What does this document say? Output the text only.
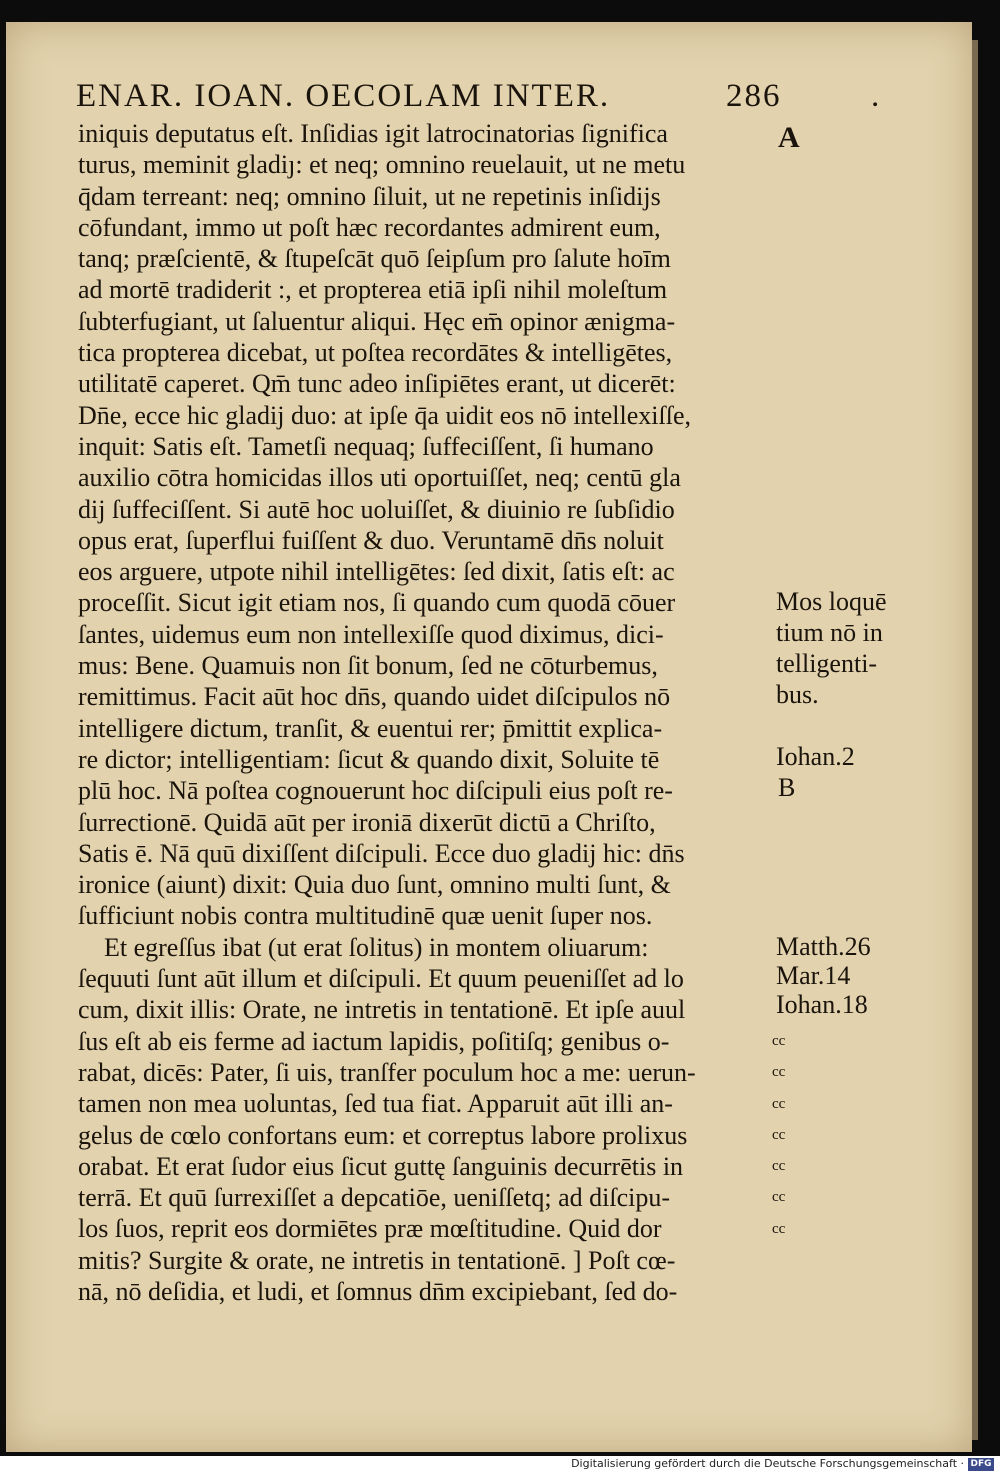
ENAR. IOAN. OECOLAM INTER.	286	.
iniquis deputatus eſt. Inſidias igit latrocinatorias ſignifica
turus, meminit gladiȷ: et neq; omnino reuelauit, ut ne metu
q̄dam terreant: neq; omnino ſiluit, ut ne repetinis inſidijs
cōfundant, immo ut poſt hæc recordantes admirent eum,
tanq; præſcientē, & ſtupeſcāt quō ſeipſum pro ſalute hoīm
ad mortē tradiderit :, et propterea etiā ipſi nihil moleſtum
ſubterfugiant, ut ſaluentur aliqui. Hęc em̄ opinor ænigma-
tica propterea dicebat, ut poſtea recordātes & intelligētes,
utilitatē caperet. Qm̄ tunc adeo inſipiētes erant, ut dicerēt:
Dn̄e, ecce hic gladij duo: at ipſe q̄a uidit eos nō intellexiſſe,
inquit: Satis eſt. Tametſi nequaq; ſuffeciſſent, ſi humano
auxilio cōtra homicidas illos uti oportuiſſet, neq; centū gla
dij ſuffeciſſent. Si autē hoc uoluiſſet, & diuinio re ſubſidio
opus erat, ſuperflui fuiſſent & duo. Veruntamē dn̄s noluit
eos arguere, utpote nihil intelligētes: ſed dixit, ſatis eſt: ac
proceſſit. Sicut igit etiam nos, ſi quando cum quodā cōuer
ſantes, uidemus eum non intellexiſſe quod diximus, dici-
mus: Bene. Quamuis non ſit bonum, ſed ne cōturbemus,
remittimus. Facit aūt hoc dn̄s, quando uidet diſcipulos nō
intelligere dictum, tranſit, & euentui rer; p̄mittit explica-
re dictor; intelligentiam: ſicut & quando dixit, Soluite tē
plū hoc. Nā poſtea cognouerunt hoc diſcipuli eius poſt re-
ſurrectionē. Quidā aūt per ironiā dixerūt dictū a Chriſto,
Satis ē. Nā quū dixiſſent diſcipuli. Ecce duo gladij hic: dn̄s
ironice (aiunt) dixit: Quia duo ſunt, omnino multi ſunt, &
ſufficiunt nobis contra multitudinē quæ uenit ſuper nos.
Et egreſſus ibat (ut erat ſolitus) in montem oliuarum:
ſequuti ſunt aūt illum et diſcipuli. Et quum peueniſſet ad lo
cum, dixit illis: Orate, ne intretis in tentationē. Et ipſe auul
ſus eſt ab eis ferme ad iactum lapidis, poſitiſq; genibus o-
rabat, dicēs: Pater, ſi uis, tranſfer poculum hoc a me: uerun-
tamen non mea uoluntas, ſed tua fiat. Apparuit aūt illi an-
gelus de cœlo confortans eum: et correptus labore prolixus
orabat. Et erat ſudor eius ſicut guttę ſanguinis decurrētis in
terrā. Et quū ſurrexiſſet a depcatiōe, ueniſſetq; ad diſcipu-
los ſuos, reprit eos dormiētes præ mœſtitudine. Quid dor
mitis? Surgite & orate, ne intretis in tentationē. ] Poſt cœ-
nā, nō deſidia, et ludi, et ſomnus dn̄m excipiebant, ſed do-
A
Mos loquē
tium nō in
telligenti-
bus.
Iohan.2
B
Matth.26
Mar.14
Iohan.18
cc
cc
cc
cc
cc
cc
cc
Digitalisierung gefördert durch die Deutsche Forschungsgemeinschaft · DFG
